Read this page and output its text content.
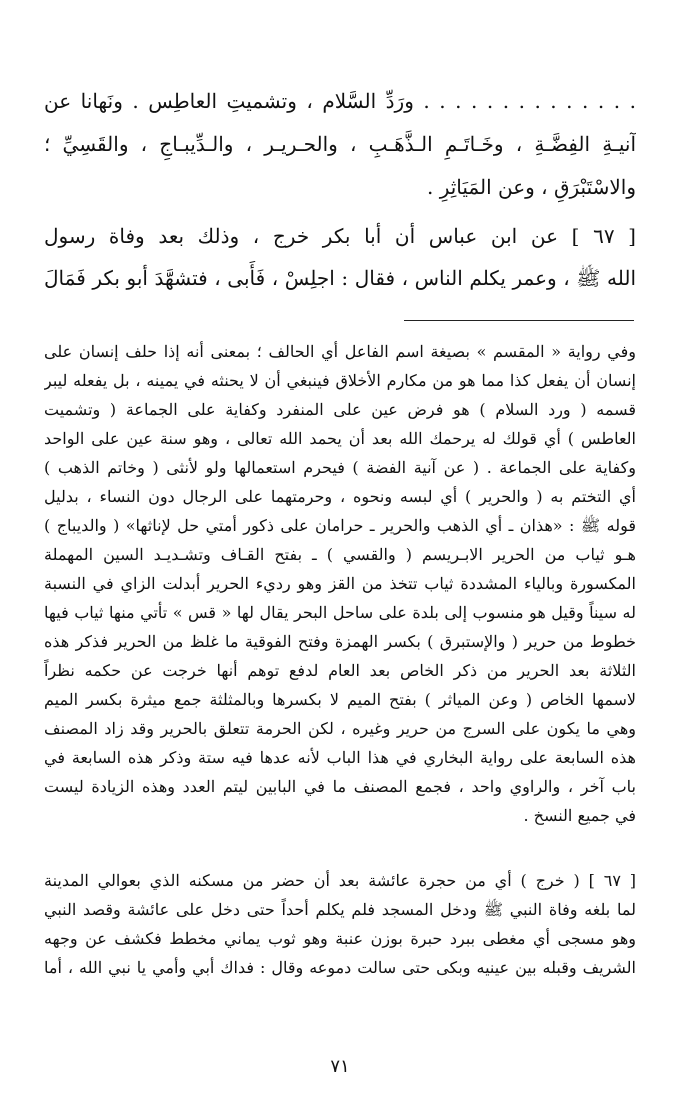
. . . . . . . . . . . . . . ورَدِّ السَّلام ، وتشميتِ العاطِس . ونَهانا عن
آنيـةِ الفِضَّـةِ ، وخَـاتَـمِ الـذَّهَـبِ ، والحـريـر ، والـدِّيبـاجِ ، والقَسِيِّ ؛
والاسْتَبْرَقِ ، وعن المَيَاثِرِ .
[ ٦٧ ] عن ابن عباس أن أبا بكر خرج ، وذلك بعد وفاة رسول
الله ﷺ ، وعمر يكلم الناس ، فقال : اجلِسْ ، فَأَبى ، فتشهَّدَ أبو بكر فَمَالَ
وفي رواية « المقسم » بصيغة اسم الفاعل أي الحالف ؛ بمعنى أنه إذا حلف إنسان على
إنسان أن يفعل كذا مما هو من مكارم الأخلاق فينبغي أن لا يحنثه في يمينه ، بل يفعله ليبر
قسمه ( ورد السلام ) هو فرض عين على المنفرد وكفاية على الجماعة ( وتشميت
العاطس ) أي قولك له يرحمك الله بعد أن يحمد الله تعالى ، وهو سنة عين على الواحد
وكفاية على الجماعة . ( عن آنية الفضة ) فيحرم استعمالها ولو لأنثى ( وخاتم الذهب )
أي التختم به ( والحرير ) أي لبسه ونحوه ، وحرمتهما على الرجال دون النساء ، بدليل
قوله ﷺ : «هذان ـ أي الذهب والحرير ـ حرامان على ذكور أمتي حل لإناثها» ( والديباج )
هـو ثياب من الحرير الابـريسم ( والقسي ) ـ بفتح القـاف وتشـديـد السين المهملة
المكسورة وبالياء المشددة ثياب تتخذ من القز وهو رديء الحرير أبدلت الزاي في النسبة
له سيناً وقيل هو منسوب إلى بلدة على ساحل البحر يقال لها « قس » تأتي منها ثياب فيها
خطوط من حرير ( والإستبرق ) بكسر الهمزة وفتح الفوقية ما غلظ من الحرير فذكر هذه
الثلاثة بعد الحرير من ذكر الخاص بعد العام لدفع توهم أنها خرجت عن حكمه نظراً
لاسمها الخاص ( وعن المياثر ) بفتح الميم لا بكسرها وبالمثلثة جمع ميثرة بكسر الميم
وهي ما يكون على السرج من حرير وغيره ، لكن الحرمة تتعلق بالحرير وقد زاد المصنف
هذه السابعة على رواية البخاري في هذا الباب لأنه عدها فيه ستة وذكر هذه السابعة في
باب آخر ، والراوي واحد ، فجمع المصنف ما في البابين ليتم العدد وهذه الزيادة ليست
في جميع النسخ .
[ ٦٧ ] ( خرج ) أي من حجرة عائشة بعد أن حضر من مسكنه الذي بعوالي المدينة
لما بلغه وفاة النبي ﷺ ودخل المسجد فلم يكلم أحداً حتى دخل على عائشة وقصد النبي
وهو مسجى أي مغطى ببرد حبرة بوزن عنبة وهو ثوب يماني مخطط فكشف عن وجهه
الشريف وقبله بين عينيه وبكى حتى سالت دموعه وقال : فداك أبي وأمي يا نبي الله ، أما
٧١
